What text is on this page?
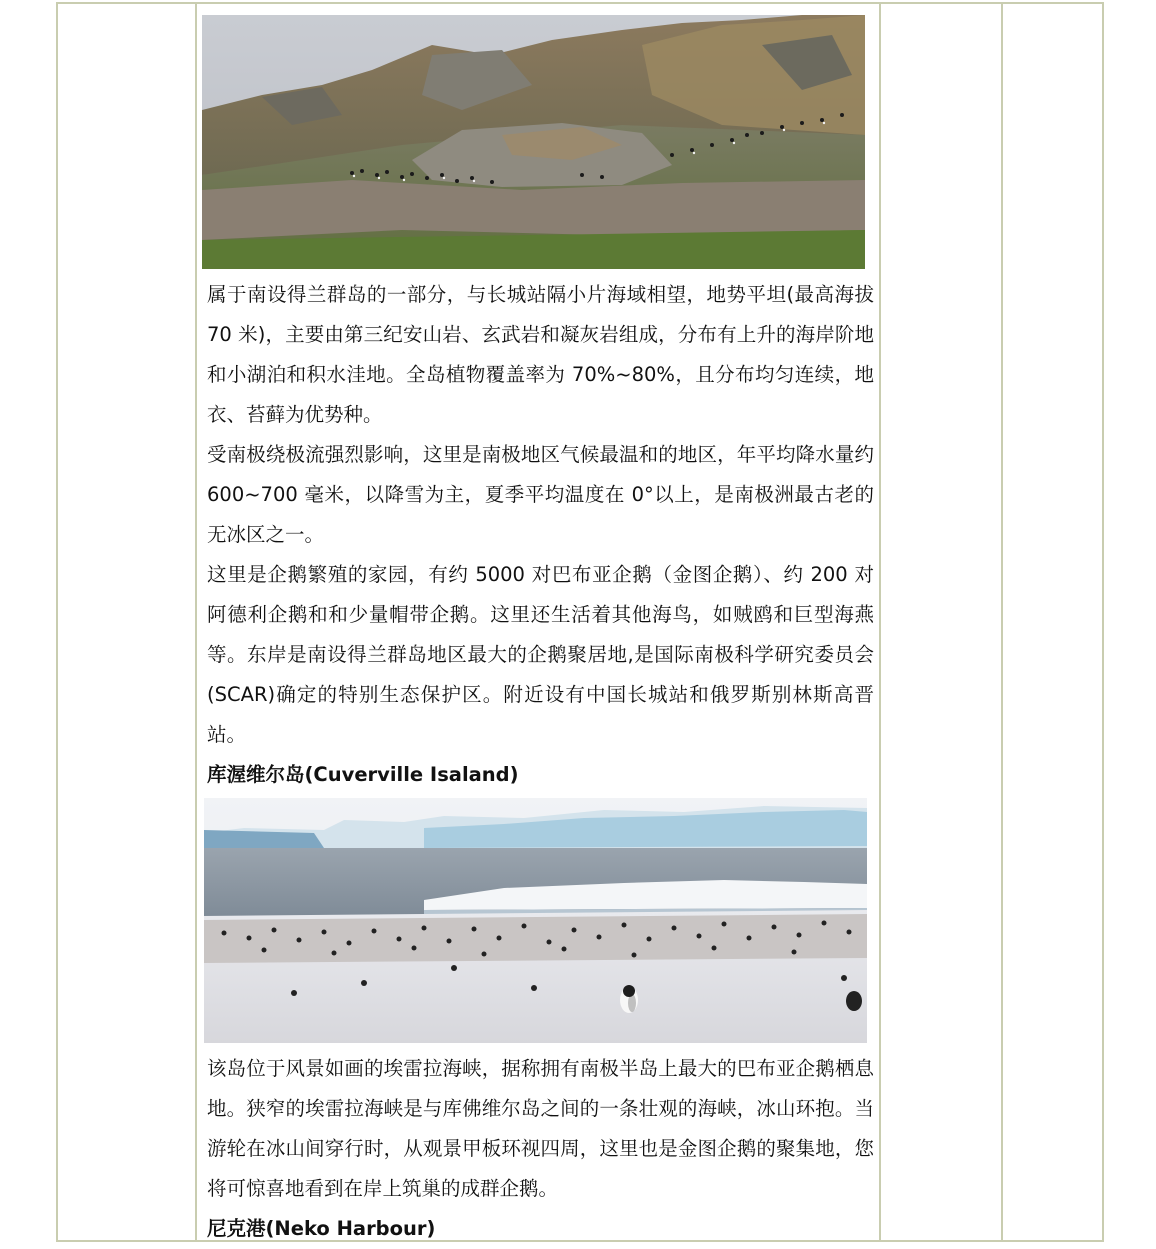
属于南设得兰群岛的一部分，与长城站隔小片海域相望，地势平坦(最高海拔 70 米)，主要由第三纪安山岩、玄武岩和凝灰岩组成，分布有上升的海岸阶地和小湖泊和积水洼地。全岛植物覆盖率为 70%~80%，且分布均匀连续，地衣、苔藓为优势种。

受南极绕极流强烈影响，这里是南极地区气候最温和的地区，年平均降水量约 600~700 毫米，以降雪为主，夏季平均温度在 0°以上，是南极洲最古老的无冰区之一。

这里是企鹅繁殖的家园，有约 5000 对巴布亚企鹅（金图企鹅）、约 200 对阿德利企鹅和和少量帽带企鹅。这里还生活着其他海鸟，如贼鸥和巨型海燕等。东岸是南设得兰群岛地区最大的企鹅聚居地,是国际南极科学研究委员会(SCAR)确定的特别生态保护区。附近设有中国长城站和俄罗斯别林斯高晋站。

库渥维尔岛(Cuverville Isaland)

该岛位于风景如画的埃雷拉海峡，据称拥有南极半岛上最大的巴布亚企鹅栖息地。狭窄的埃雷拉海峡是与库佛维尔岛之间的一条壮观的海峡，冰山环抱。当游轮在冰山间穿行时，从观景甲板环视四周，这里也是金图企鹅的聚集地，您将可惊喜地看到在岸上筑巢的成群企鹅。

尼克港(Neko Harbour)
